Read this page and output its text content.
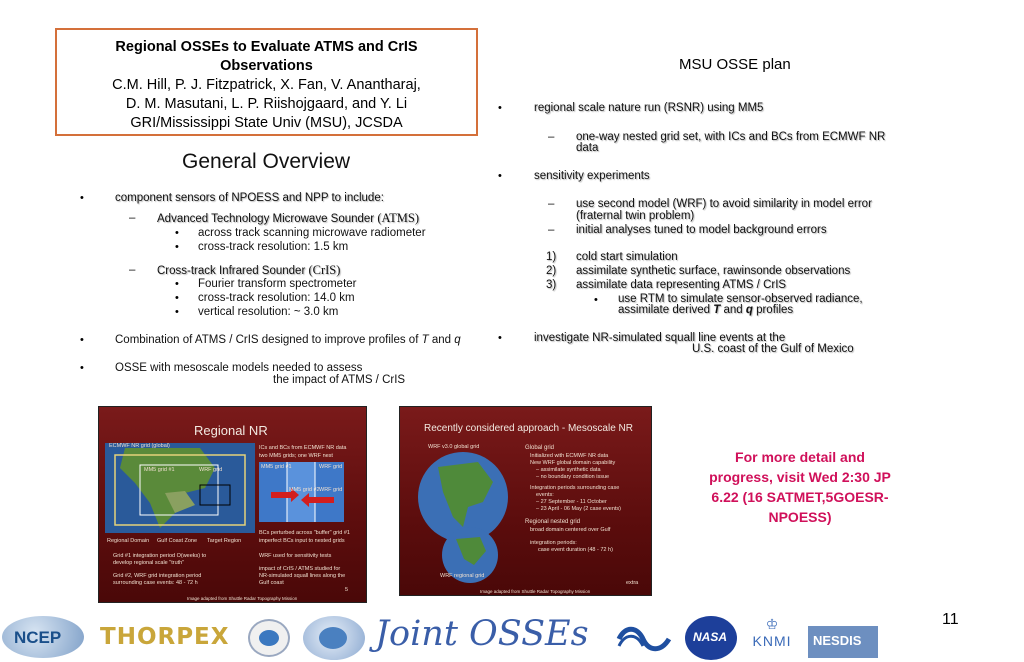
Regional OSSEs to Evaluate ATMS and CrIS
Observations
C.M. Hill, P. J. Fitzpatrick, X. Fan, V. Anantharaj,
D. M. Masutani, L. P. Riishojgaard, and Y. Li
GRI/Mississippi State Univ (MSU), JCSDA
General Overview
•	component sensors of NPOESS and NPP to include:
– Advanced Technology Microwave Sounder (ATMS)
• across track scanning microwave radiometer
• cross-track resolution: 1.5 km
– Cross-track Infrared Sounder (CrIS)
• Fourier transform spectrometer
• cross-track resolution: 14.0 km
• vertical resolution: ~ 3.0 km
•	Combination of ATMS / CrIS designed to improve profiles of T and q
•	OSSE with mesoscale models needed to assess
the impact of ATMS / CrIS
MSU OSSE plan
•	regional scale nature run (RSNR) using MM5
– one-way nested grid set, with ICs and BCs from ECMWF NR
data
•	sensitivity experiments
– use second model (WRF) to avoid similarity in model error
(fraternal twin problem)
– initial analyses tuned to model background errors
1) cold start simulation
2) assimilate synthetic surface, rawinsonde observations
3) assimilate data representing ATMS / CrIS
• use RTM to simulate sensor-observed radiance,
assimilate derived T and q profiles
•	investigate NR-simulated squall line events at the
U.S. coast of the Gulf of Mexico
Regional NR
ECMWF NR grid (global)
MM5 grid #1	WRF grid	MM5 grid #1	WRF grid
MM5 grid #2 WRF grid
ICs and BCs from ECMWF NR data
two MM5 grids; one WRF nest
BCs perturbed across "buffer" grid #1
imperfect BCs input to nested grids
Regional Domain Gulf Coast Zone Target Region
Grid #1 integration period O(weeks) to
develop regional scale "truth"
Grid #2, WRF grid integration period
surrounding case events: 48 - 72 h
WRF used for sensitivity tests
impact of CrIS / ATMS studied for
NR-simulated squall lines along the
Gulf coast
5
Image adapted from Shuttle Radar Topography Mission
Recently considered approach - Mesoscale NR
WRF v3.0 global grid
WRF regional grid
Global grid
Initialized with ECMWF NR data
New WRF global domain capability
– assimilate synthetic data
– no boundary condition issue
Integration periods surrounding case
events:
– 27 September - 11 October
– 23 April - 06 May (2 case events)
Regional nested grid
broad domain centered over Gulf
integration periods:
case event duration (48 - 72 h)
extra
Image adapted from Shuttle Radar Topography Mission
For more detail and progress, visit Wed 2:30 JP 6.22 (16 SATMET,5GOESR-NPOESS)
11
NCEP THORPEX	Joint OSSEs	NASA
♔
KNMI	NESDIS
